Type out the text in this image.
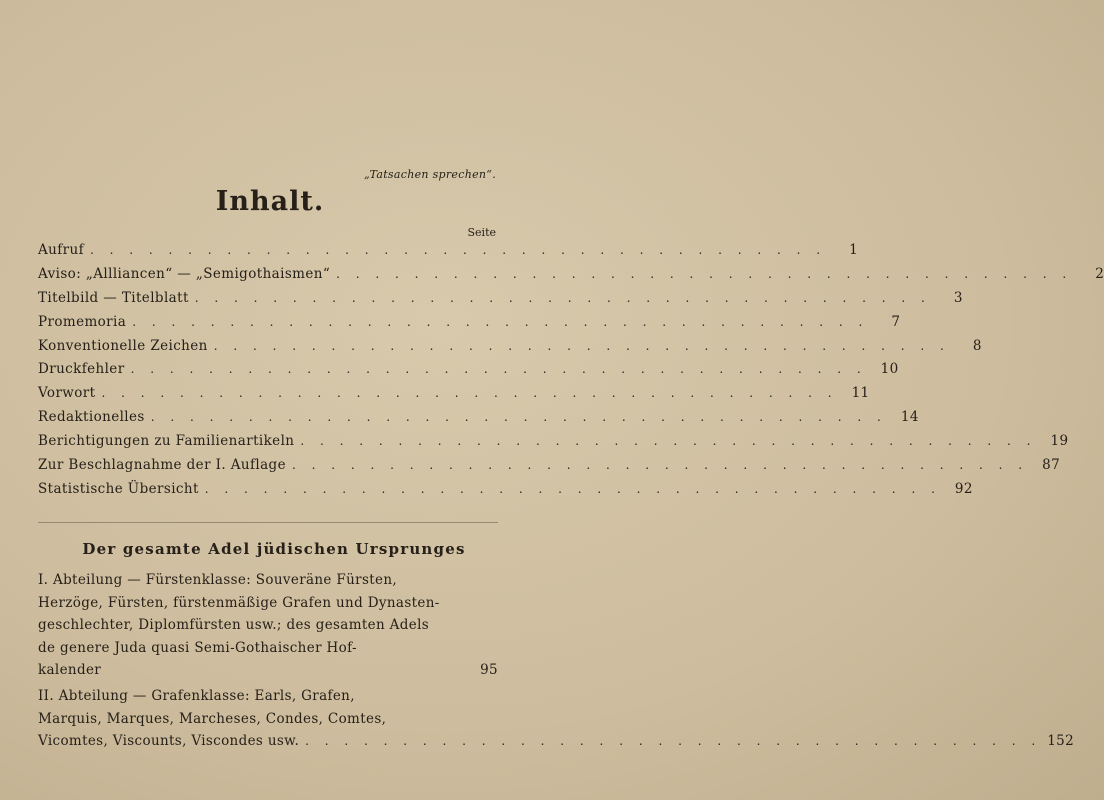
„Tatsachen sprechen“.
Inhalt.
Seite
Aufruf . . . . . . . . . . . . . . . . . . . . . . . . . . . . . . . . . . . . . .	1
Aviso: „Allliancen“ — „Semigothaismen“ . . . . . . . . . . . . . . . . . . . . . . . . . . . . . . . . . . . . . .	2
Titelbild — Titelblatt . . . . . . . . . . . . . . . . . . . . . . . . . . . . . . . . . . . . . .	3
Promemoria . . . . . . . . . . . . . . . . . . . . . . . . . . . . . . . . . . . . . .	7
Konventionelle Zeichen . . . . . . . . . . . . . . . . . . . . . . . . . . . . . . . . . . . . . .	8
Druckfehler . . . . . . . . . . . . . . . . . . . . . . . . . . . . . . . . . . . . . .	10
Vorwort . . . . . . . . . . . . . . . . . . . . . . . . . . . . . . . . . . . . . .	11
Redaktionelles . . . . . . . . . . . . . . . . . . . . . . . . . . . . . . . . . . . . . .	14
Berichtigungen zu Familienartikeln . . . . . . . . . . . . . . . . . . . . . . . . . . . . . . . . . . . . . .	19
Zur Beschlagnahme der I. Auflage . . . . . . . . . . . . . . . . . . . . . . . . . . . . . . . . . . . . . .	87
Statistische Übersicht . . . . . . . . . . . . . . . . . . . . . . . . . . . . . . . . . . . . . .	92
Der gesamte Adel jüdischen Ursprunges
I. Abteilung — Fürstenklasse: Souveräne Fürsten,
Herzöge, Fürsten, fürstenmäßige Grafen und Dynasten-
geschlechter, Diplomfürsten usw.; des gesamten Adels
de genere Juda quasi Semi-Gothaischer Hof-
kalender	95
II. Abteilung — Grafenklasse: Earls, Grafen,
Marquis, Marques, Marcheses, Condes, Comtes,
Vicomtes, Viscounts, Viscondes usw. . . . . . . . . . . . . . . . . . . . . . . . . . . . . . . . . . . . . . . 152
